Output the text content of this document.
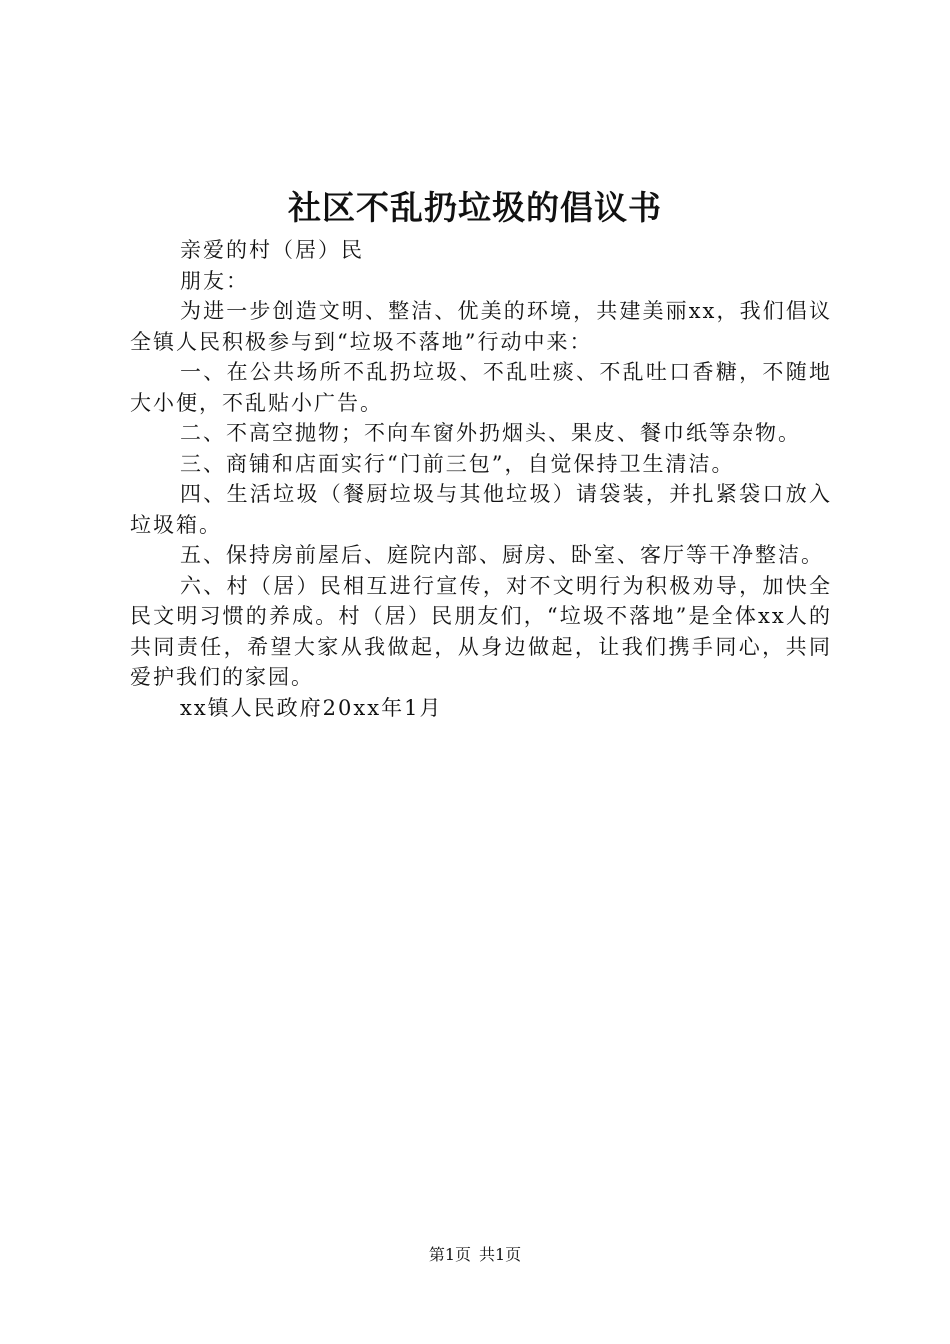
社区不乱扔垃圾的倡议书

亲爱的村（居）民

朋友：

为进一步创造文明、整洁、优美的环境，共建美丽xx，我们倡议全镇人民积极参与到“垃圾不落地”行动中来：

一、在公共场所不乱扔垃圾、不乱吐痰、不乱吐口香糖，不随地大小便，不乱贴小广告。

二、不高空抛物；不向车窗外扔烟头、果皮、餐巾纸等杂物。

三、商铺和店面实行“门前三包”，自觉保持卫生清洁。

四、生活垃圾（餐厨垃圾与其他垃圾）请袋装，并扎紧袋口放入垃圾箱。

五、保持房前屋后、庭院内部、厨房、卧室、客厅等干净整洁。

六、村（居）民相互进行宣传，对不文明行为积极劝导，加快全民文明习惯的养成。村（居）民朋友们，“垃圾不落地”是全体xx人的共同责任，希望大家从我做起，从身边做起，让我们携手同心，共同爱护我们的家园。

xx镇人民政府20xx年1月

第1页 共1页
